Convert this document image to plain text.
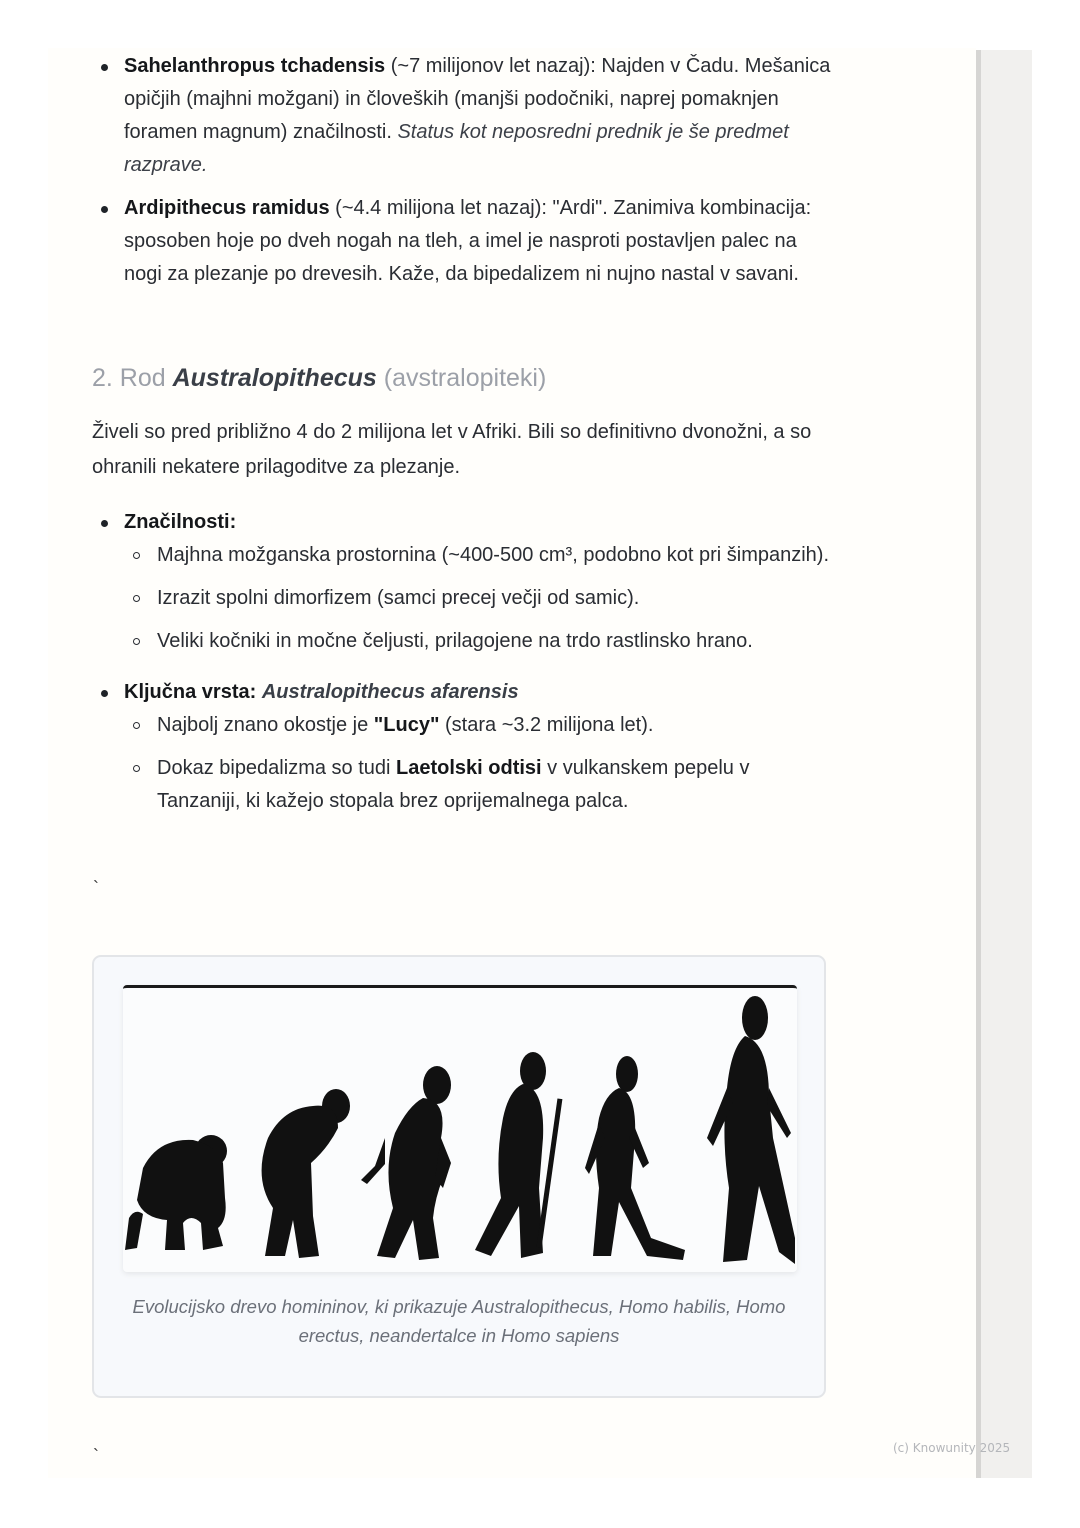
Sahelanthropus tchadensis (~7 milijonov let nazaj): Najden v Čadu. Mešanica opičjih (majhni možgani) in človeških (manjši podočniki, naprej pomaknjen foramen magnum) značilnosti. Status kot neposredni prednik je še predmet razprave.
Ardipithecus ramidus (~4.4 milijona let nazaj): "Ardi". Zanimiva kombinacija: sposoben hoje po dveh nogah na tleh, a imel je nasproti postavljen palec na nogi za plezanje po drevesih. Kaže, da bipedalizem ni nujno nastal v savani.
2. Rod Australopithecus (avstralopiteki)

Živeli so pred približno 4 do 2 milijona let v Afriki. Bili so definitivno dvonožni, a so ohranili nekatere prilagoditve za plezanje.

Značilnosti:
Majhna možganska prostornina (~400-500 cm³, podobno kot pri šimpanzih).
Izrazit spolni dimorfizem (samci precej večji od samic).
Veliki kočniki in močne čeljusti, prilagojene na trdo rastlinsko hrano.
Ključna vrsta: Australopithecus afarensis
Najbolj znano okostje je "Lucy" (stara ~3.2 milijona let).
Dokaz bipedalizma so tudi Laetolski odtisi v vulkanskem pepelu v Tanzaniji, ki kažejo stopala brez oprijemalnega palca.
`
Evolucijsko drevo homininov, ki prikazuje Australopithecus, Homo habilis, Homo erectus, neandertalce in Homo sapiens
`	(c) Knowunity 2025
